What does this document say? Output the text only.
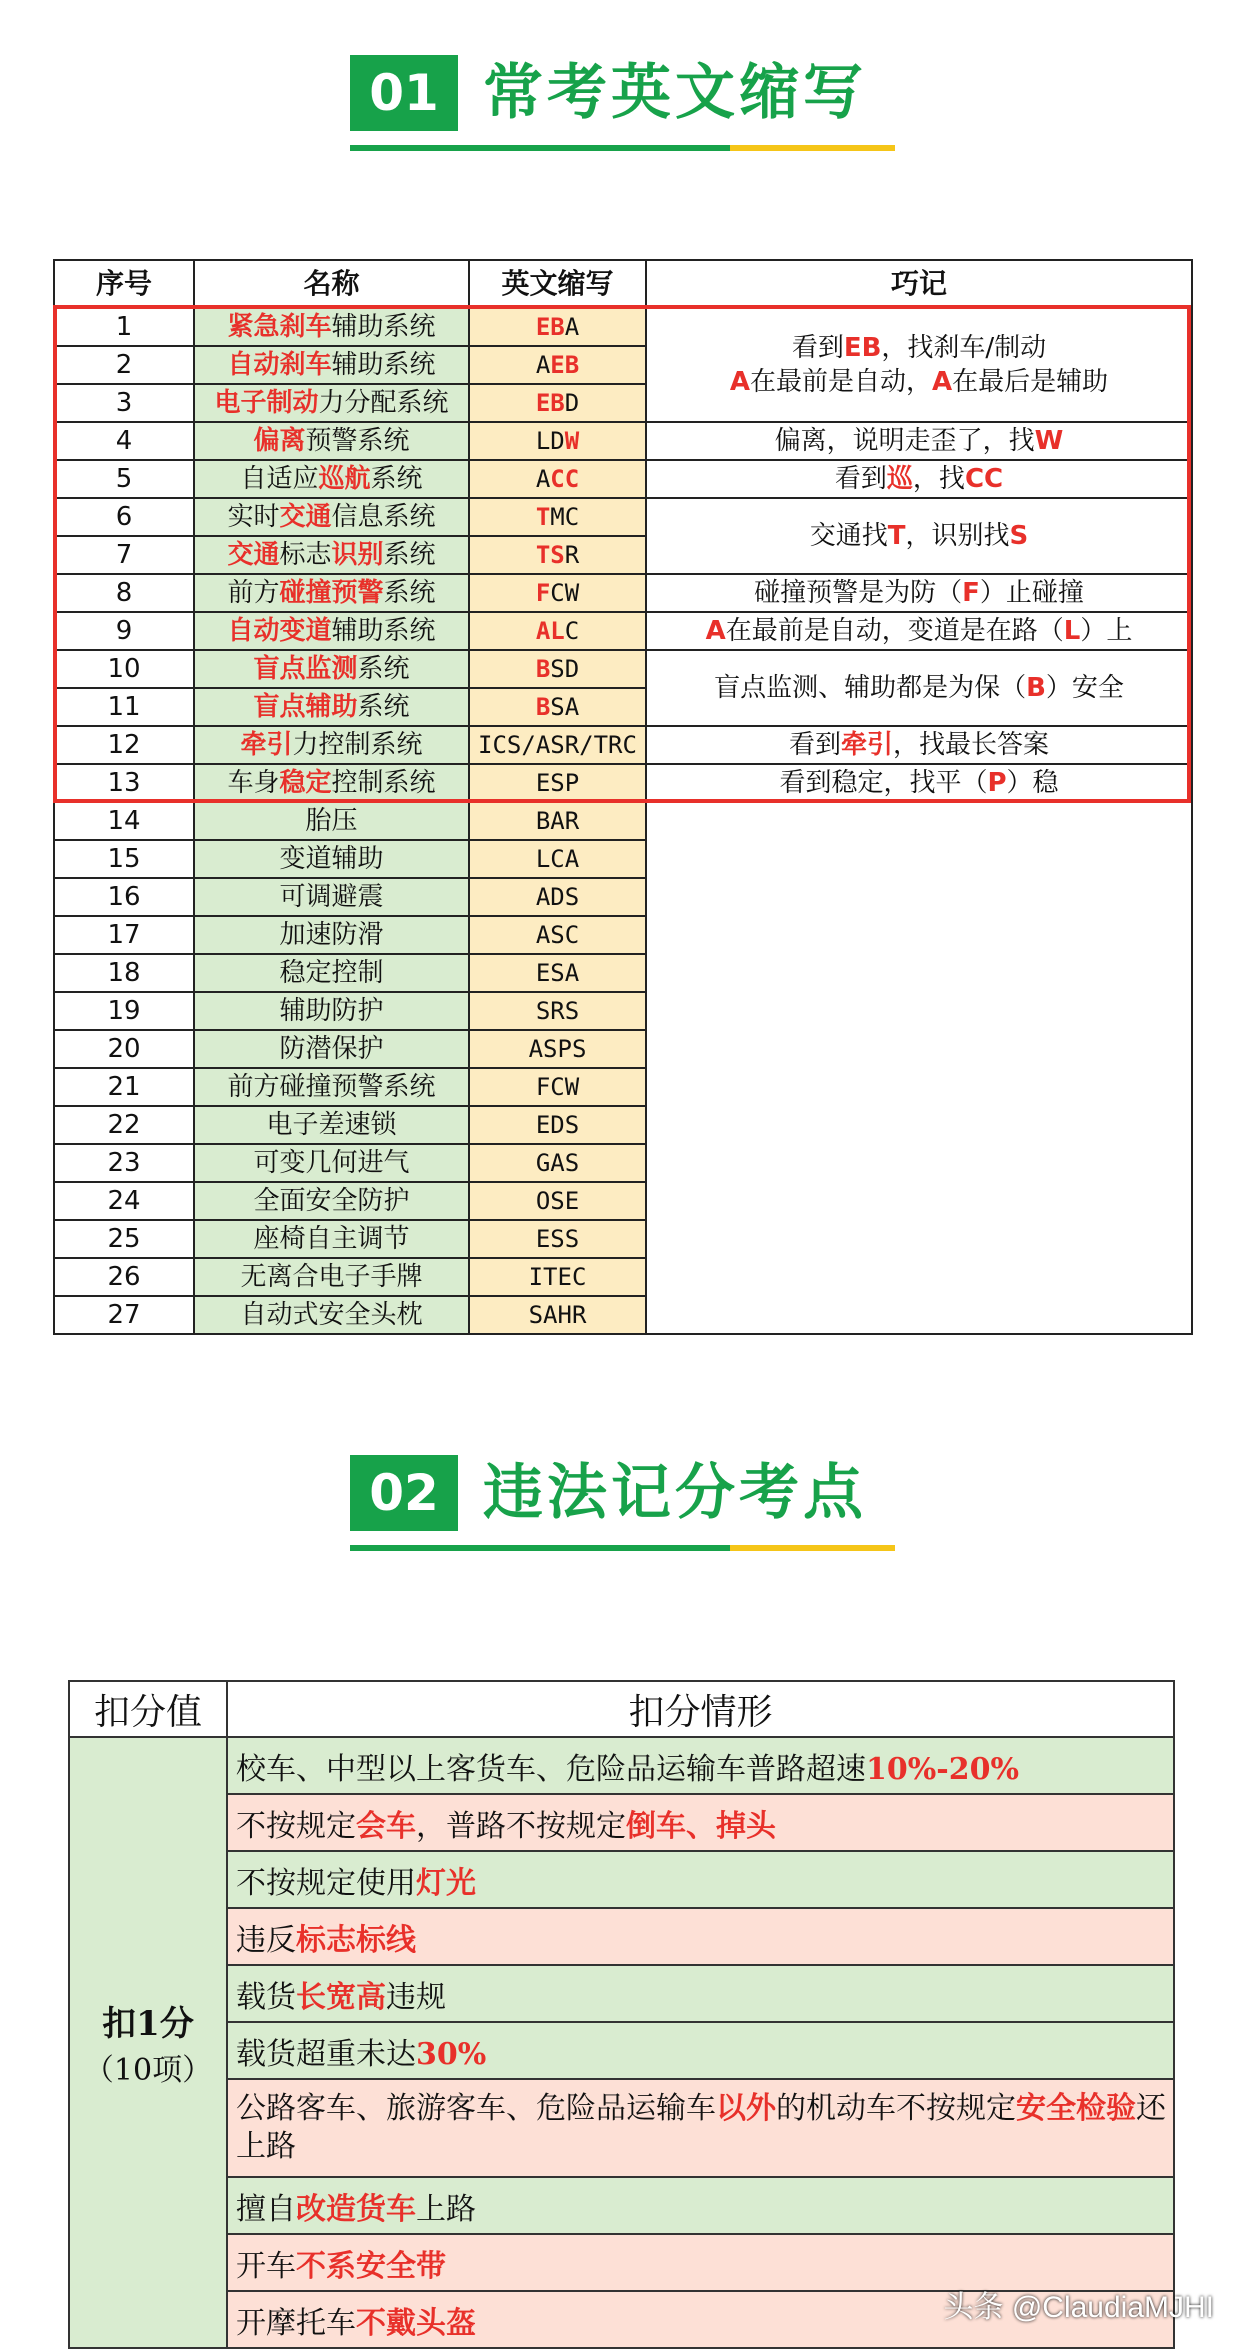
01 常考英文缩写
序号	名称	英文缩写	巧记
1	紧急刹车辅助系统	EBA	看到EB，找刹车/制动
A在最前是自动，A在最后是辅助

2	自动刹车辅助系统	AEB	
3	电子制动力分配系统	EBD	
4	偏离预警系统	LDW	偏离，说明走歪了，找W

5	自适应巡航系统	ACC	看到巡，找CC

6	实时交通信息系统	TMC	交通找T，识别找S

7	交通标志识别系统	TSR	
8	前方碰撞预警系统	FCW	碰撞预警是为防（F）止碰撞

9	自动变道辅助系统	ALC	A在最前是自动，变道是在路（L）上

10	盲点监测系统	BSD	盲点监测、辅助都是为保（B）安全

11	盲点辅助系统	BSA	
12	牵引力控制系统	ICS/ASR/TRC	看到牵引，找最长答案

13	车身稳定控制系统	ESP	看到稳定，找平（P）稳

14	胎压	BAR	
15	变道辅助	LCA	
16	可调避震	ADS	
17	加速防滑	ASC	
18	稳定控制	ESA	
19	辅助防护	SRS	
20	防潜保护	ASPS	
21	前方碰撞预警系统	FCW	
22	电子差速锁	EDS	
23	可变几何进气	GAS	
24	全面安全防护	OSE	
25	座椅自主调节	ESS	
26	无离合电子手牌	ITEC	
27	自动式安全头枕	SAHR	
02 违法记分考点
扣分值	扣分情形

扣1分
（10项）	校车、中型以上客货车、危险品运输车普路超速10%-20%
	不按规定会车，普路不按规定倒车、掉头
	不按规定使用灯光
	违反标志标线
	载货长宽高违规
	载货超重未达30%
	公路客车、旅游客车、危险品运输车以外的机动车不按规定安全检验还上路
	擅自改造货车上路
	开车不系安全带
	开摩托车不戴头盔	头条 @ClaudiaMJHI
